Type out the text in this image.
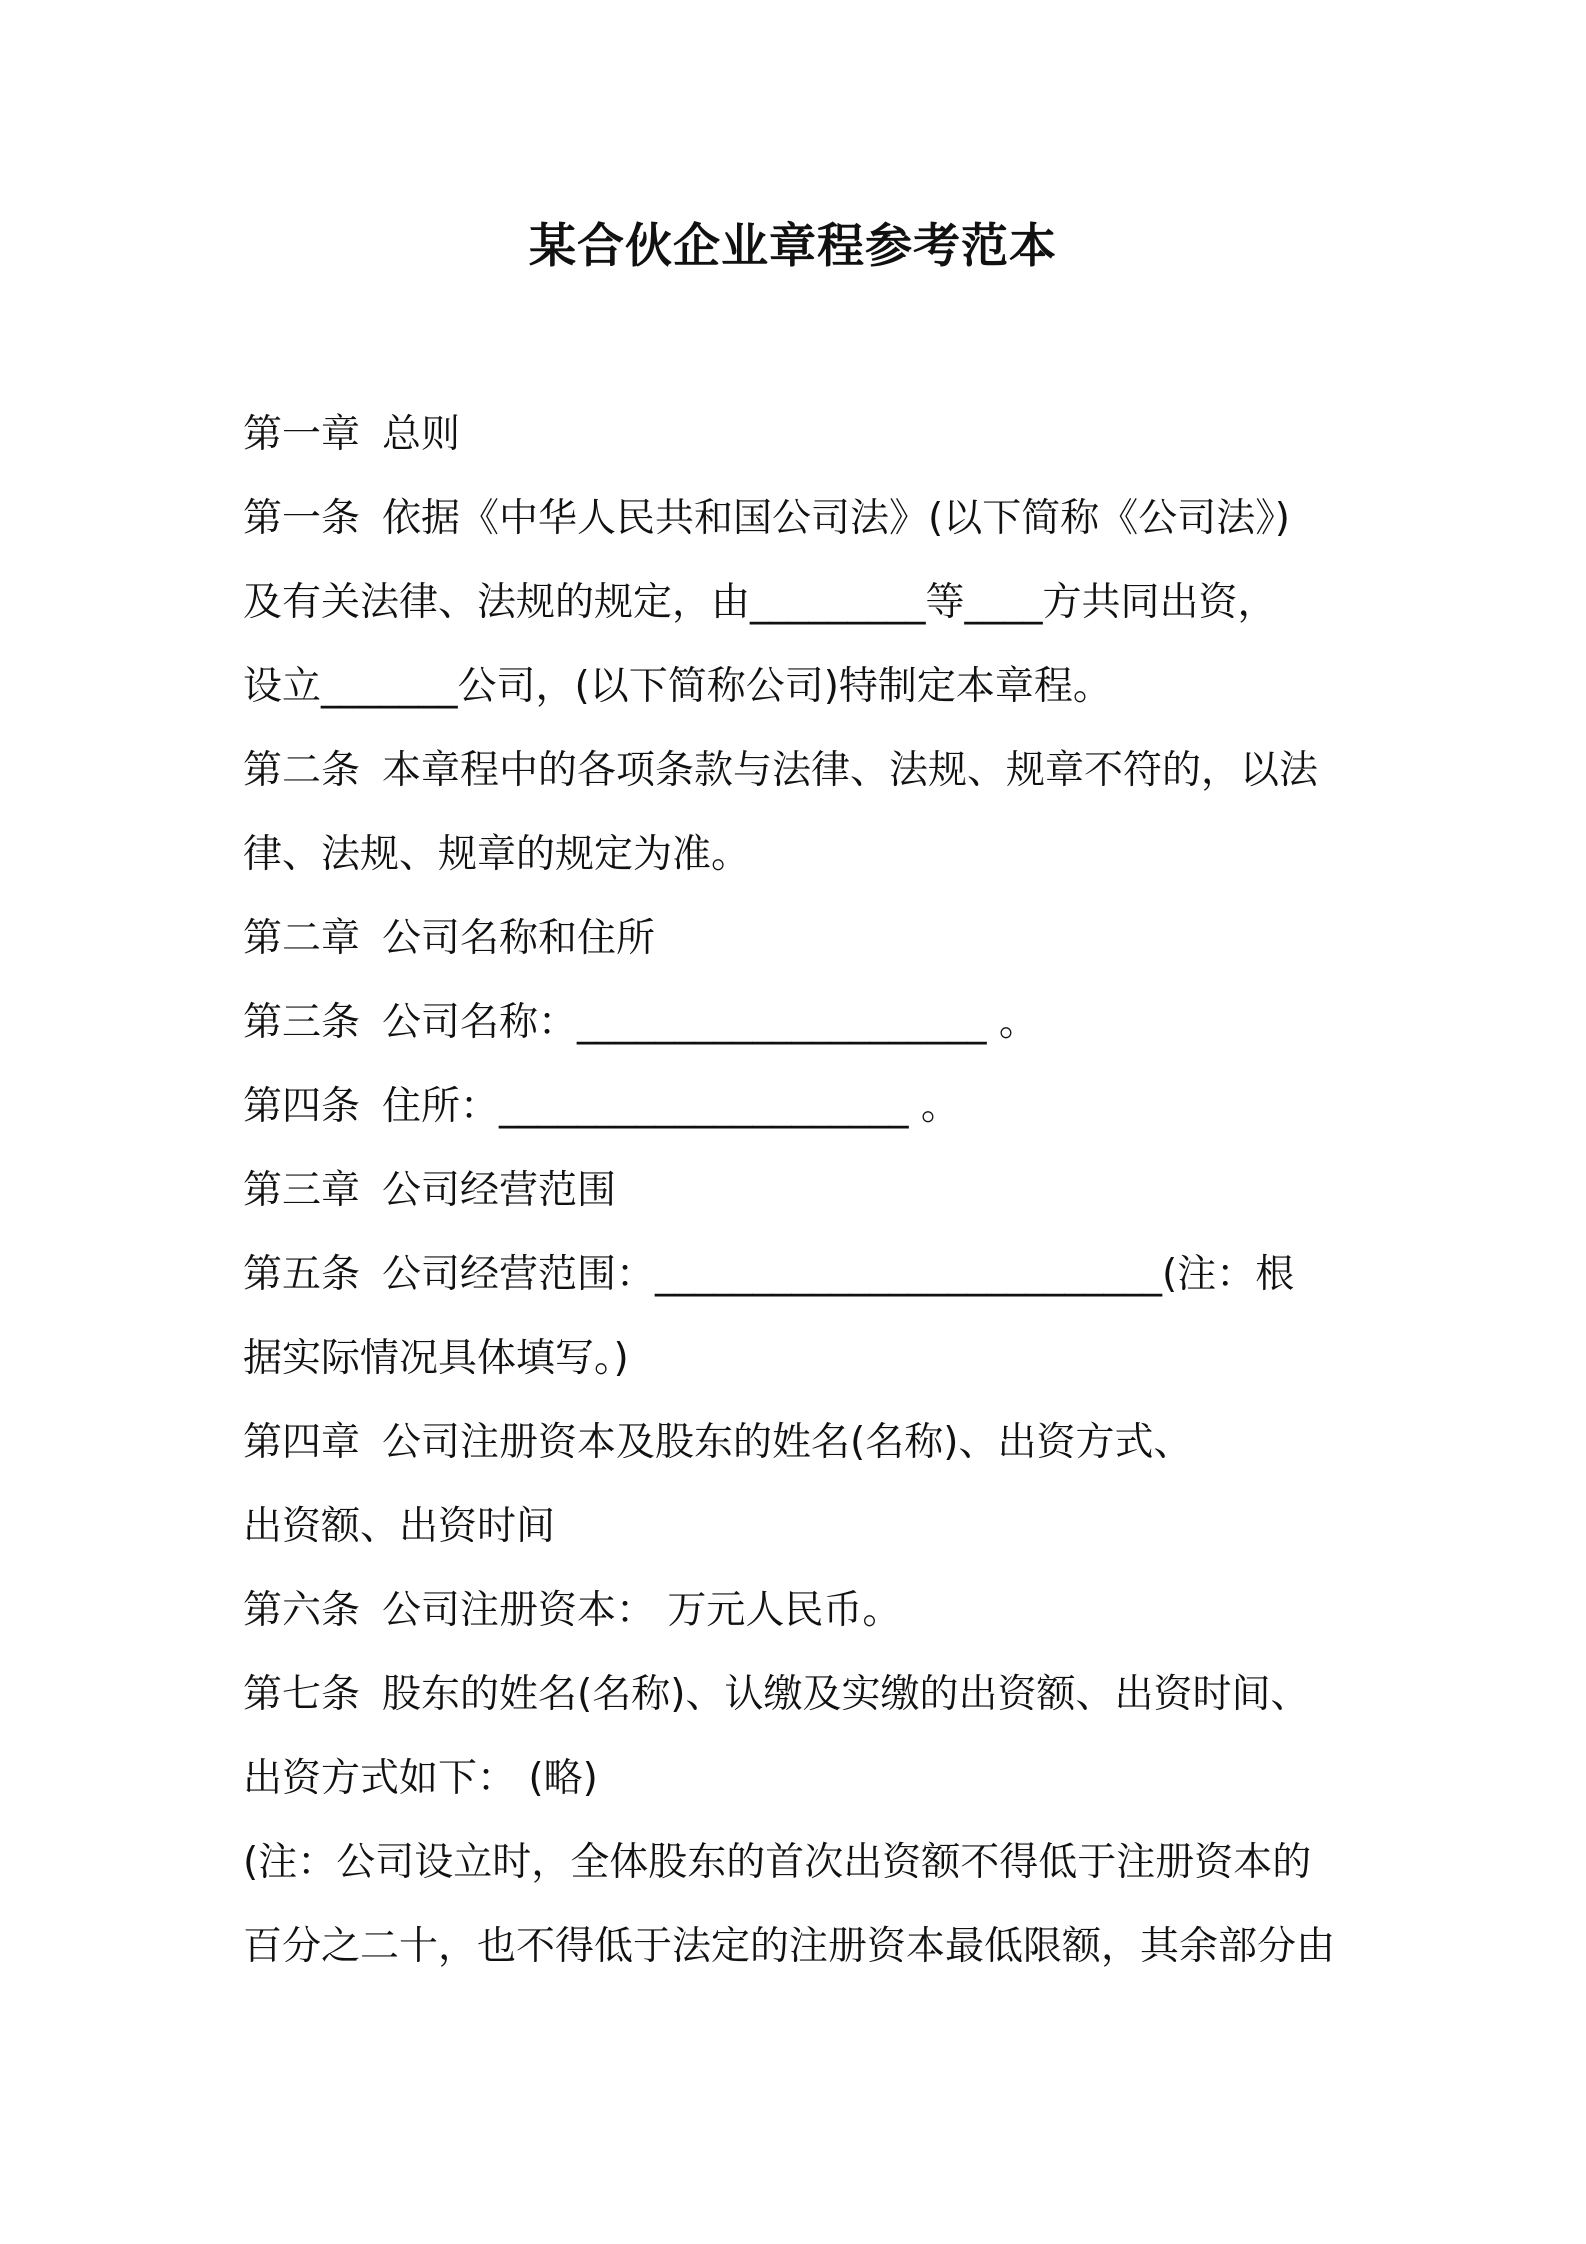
某合伙企业章程参考范本
第一章 总则
第一条 依据《中华人民共和国公司法》(以下简称《公司法》)
及有关法律、法规的规定，由_________等____方共同出资，
设立_______公司，(以下简称公司)特制定本章程。
第二条 本章程中的各项条款与法律、法规、规章不符的，以法
律、法规、规章的规定为准。
第二章 公司名称和住所
第三条 公司名称：_____________________ 。
第四条 住所：_____________________ 。
第三章 公司经营范围
第五条 公司经营范围：__________________________(注：根
据实际情况具体填写。)
第四章 公司注册资本及股东的姓名(名称)、出资方式、
出资额、出资时间
第六条 公司注册资本： 万元人民币。
第七条 股东的姓名(名称)、认缴及实缴的出资额、出资时间、
出资方式如下： (略)
(注：公司设立时，全体股东的首次出资额不得低于注册资本的
百分之二十，也不得低于法定的注册资本最低限额，其余部分由
